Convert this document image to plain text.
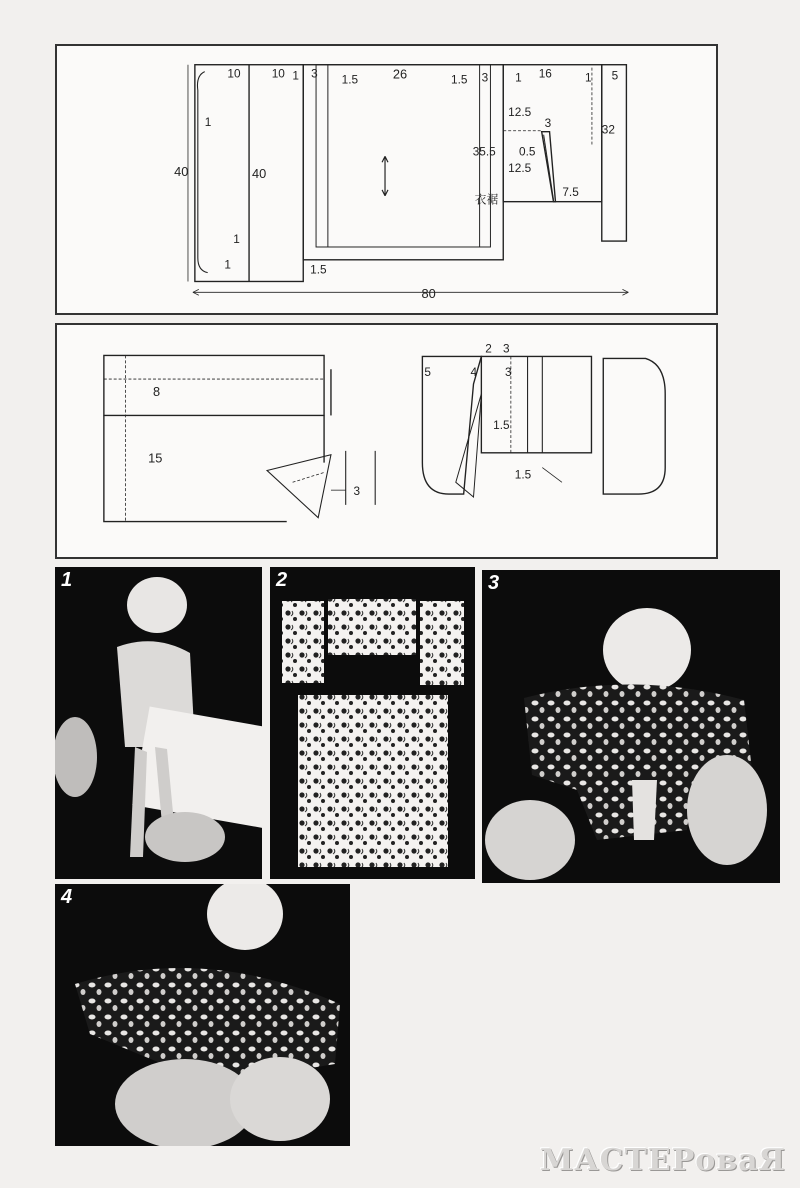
10	10 1 3 1.5	26	1.5 3 1 16	1 5
1
40	40
12.5
3	32
35.5 0.5
12.5
衣裾
7.5
1
1	1.5
80
8
15
3
2 3
5	4 3
1.5
1.5
1	2	3
4
МАСТЕРоваЯ
